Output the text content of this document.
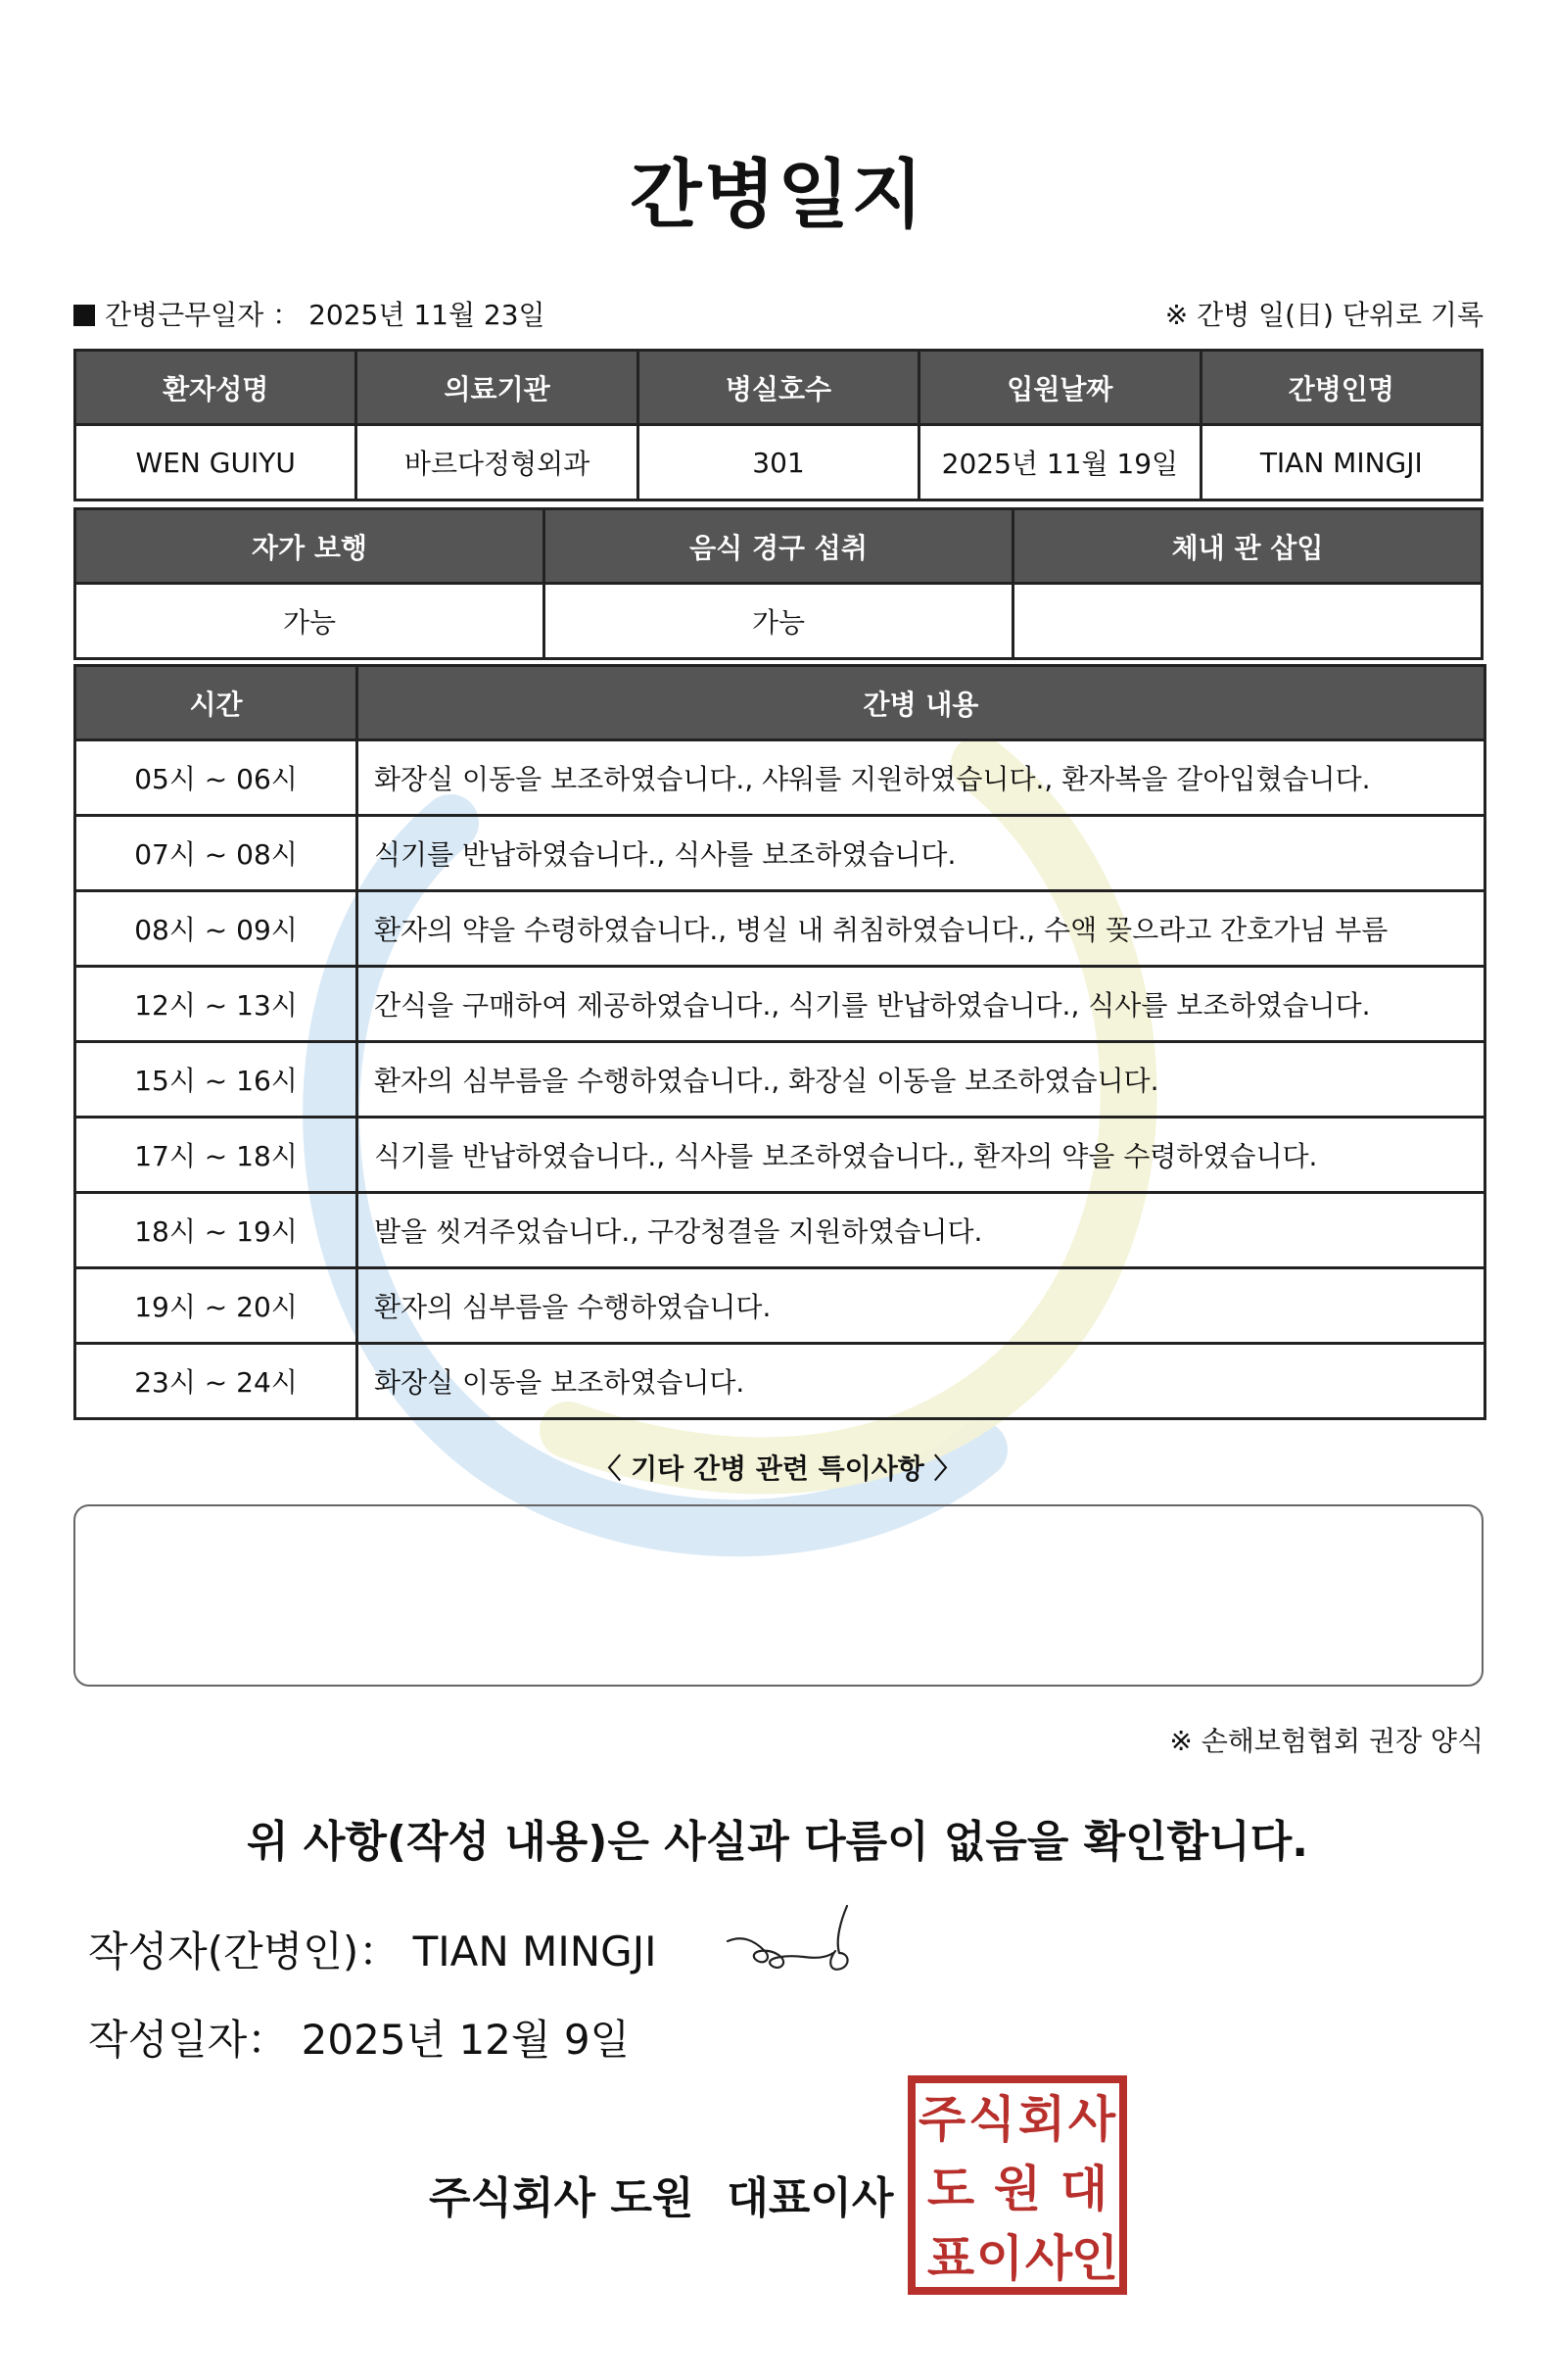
간병일지
간병근무일자 ： 2025년 11월 23일	※ 간병 일(日) 단위로 기록
환자성명	의료기관	병실호수	입원날짜	간병인명
WEN GUIYU	바르다정형외과	301	2025년 11월 19일	TIAN MINGJI
자가 보행	음식 경구 섭취	체내 관 삽입
가능	가능	
시간	간병 내용
05시 ~ 06시	화장실 이동을 보조하였습니다., 샤워를 지원하였습니다., 환자복을 갈아입혔습니다.
07시 ~ 08시	식기를 반납하였습니다., 식사를 보조하였습니다.
08시 ~ 09시	환자의 약을 수령하였습니다., 병실 내 취침하였습니다., 수액 꽂으라고 간호가님 부름
12시 ~ 13시	간식을 구매하여 제공하였습니다., 식기를 반납하였습니다., 식사를 보조하였습니다.
15시 ~ 16시	환자의 심부름을 수행하였습니다., 화장실 이동을 보조하였습니다.
17시 ~ 18시	식기를 반납하였습니다., 식사를 보조하였습니다., 환자의 약을 수령하였습니다.
18시 ~ 19시	발을 씻겨주었습니다., 구강청결을 지원하였습니다.
19시 ~ 20시	환자의 심부름을 수행하였습니다.
23시 ~ 24시	화장실 이동을 보조하였습니다.
〈 기타 간병 관련 특이사항 〉
※ 손해보험협회 권장 양식
위 사항(작성 내용)은 사실과 다름이 없음을 확인합니다.
작성자(간병인)： TIAN MINGJI
작성일자： 2025년 12월 9일
주식회사 도원 대표이사
주 식 회 사
도 원 대
표 이 사
인
